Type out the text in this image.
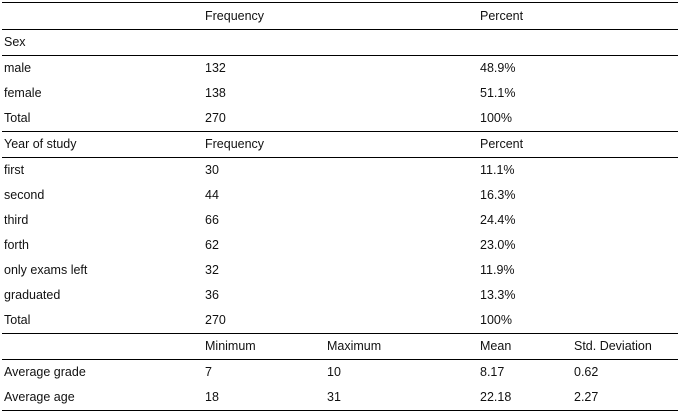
	Frequency		Percent	
Sex				
male	132		48.9%	
female	138		51.1%	
Total	270		100%	
Year of study	Frequency		Percent	
first	30		11.1%	
second	44		16.3%	
third	66		24.4%	
forth	62		23.0%	
only exams left	32		11.9%	
graduated	36		13.3%	
Total	270		100%	
	Minimum	Maximum	Mean	Std. Deviation
Average grade	7	10	8.17	0.62
Average age	18	31	22.18	2.27
